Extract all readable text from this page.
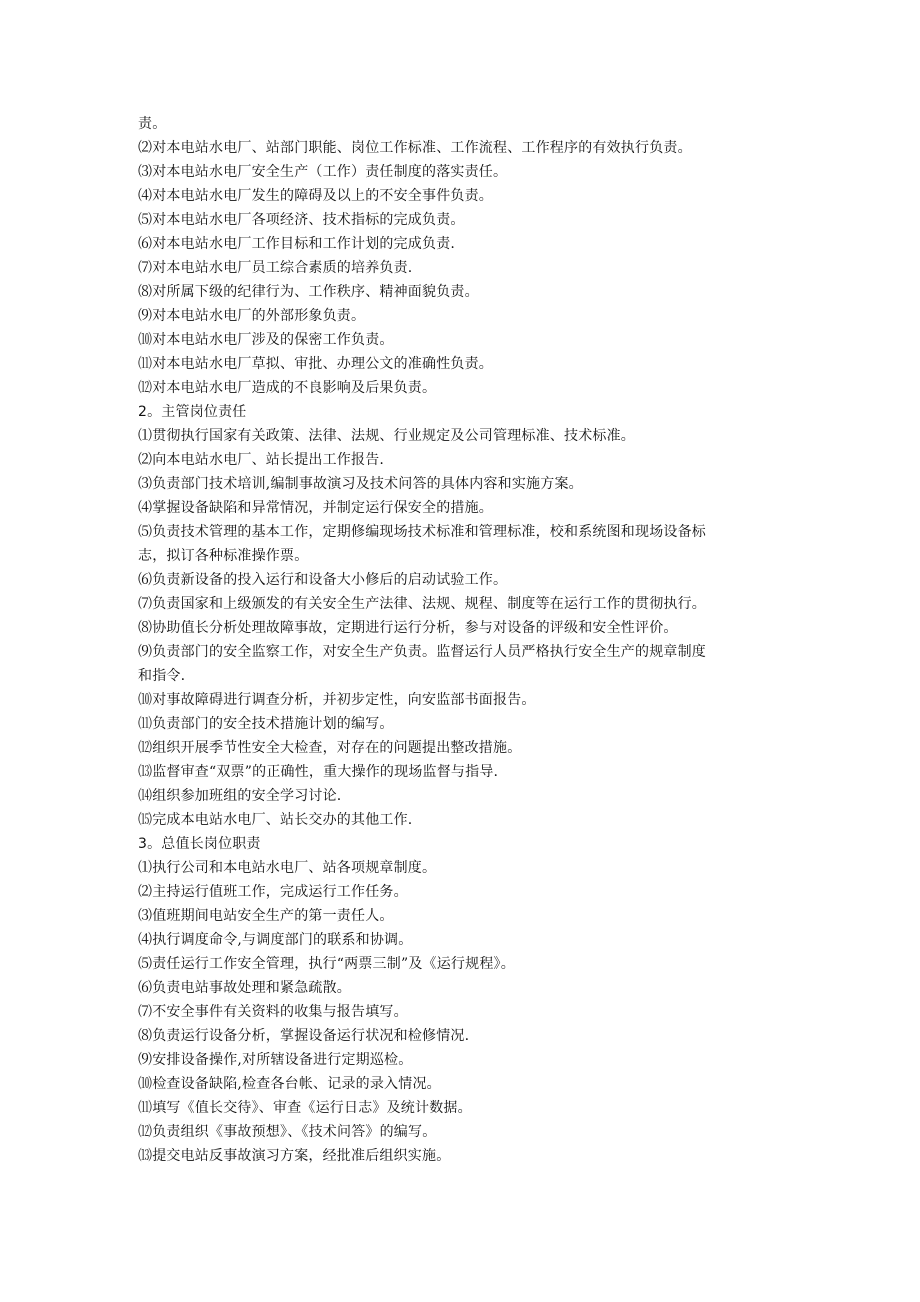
责。
⑵对本电站水电厂、站部门职能、岗位工作标准、工作流程、工作程序的有效执行负责。
⑶对本电站水电厂安全生产（工作）责任制度的落实责任。
⑷对本电站水电厂发生的障碍及以上的不安全事件负责。
⑸对本电站水电厂各项经济、技术指标的完成负责。
⑹对本电站水电厂工作目标和工作计划的完成负责.
⑺对本电站水电厂员工综合素质的培养负责.
⑻对所属下级的纪律行为、工作秩序、精神面貌负责。
⑼对本电站水电厂的外部形象负责。
⑽对本电站水电厂涉及的保密工作负责。
⑾对本电站水电厂草拟、审批、办理公文的准确性负责。
⑿对本电站水电厂造成的不良影响及后果负责。
2。主管岗位责任
⑴贯彻执行国家有关政策、法律、法规、行业规定及公司管理标准、技术标准。
⑵向本电站水电厂、站长提出工作报告.
⑶负责部门技术培训,编制事故演习及技术问答的具体内容和实施方案。
⑷掌握设备缺陷和异常情况，并制定运行保安全的措施。
⑸负责技术管理的基本工作，定期修编现场技术标准和管理标准，校和系统图和现场设备标
志，拟订各种标准操作票。
⑹负责新设备的投入运行和设备大小修后的启动试验工作。
⑺负责国家和上级颁发的有关安全生产法律、法规、规程、制度等在运行工作的贯彻执行。
⑻协助值长分析处理故障事故，定期进行运行分析，参与对设备的评级和安全性评价。
⑼负责部门的安全监察工作，对安全生产负责。监督运行人员严格执行安全生产的规章制度
和指令.
⑽对事故障碍进行调查分析，并初步定性，向安监部书面报告。
⑾负责部门的安全技术措施计划的编写。
⑿组织开展季节性安全大检查，对存在的问题提出整改措施。
⒀监督审查“双票”的正确性，重大操作的现场监督与指导.
⒁组织参加班组的安全学习讨论.
⒂完成本电站水电厂、站长交办的其他工作.
3。总值长岗位职责
⑴执行公司和本电站水电厂、站各项规章制度。
⑵主持运行值班工作，完成运行工作任务。
⑶值班期间电站安全生产的第一责任人。
⑷执行调度命令,与调度部门的联系和协调。
⑸责任运行工作安全管理，执行“两票三制”及《运行规程》。
⑹负责电站事故处理和紧急疏散。
⑺不安全事件有关资料的收集与报告填写。
⑻负责运行设备分析，掌握设备运行状况和检修情况.
⑼安排设备操作,对所辖设备进行定期巡检。
⑽检查设备缺陷,检查各台帐、记录的录入情况。
⑾填写《值长交待》、审查《运行日志》及统计数据。
⑿负责组织《事故预想》、《技术问答》的编写。
⒀提交电站反事故演习方案，经批准后组织实施。
